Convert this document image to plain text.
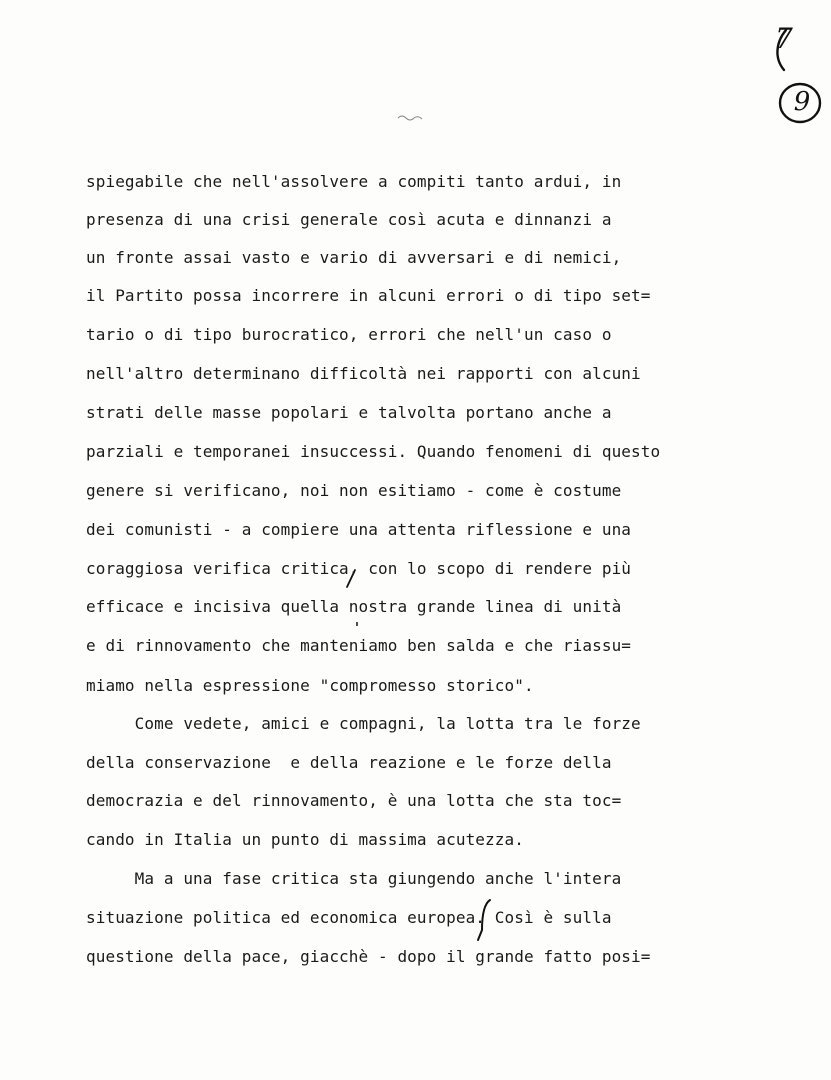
7
9
spiegabile che nell'assolvere a compiti tanto ardui, in
presenza di una crisi generale così acuta e dinnanzi a
un fronte assai vasto e vario di avversari e di nemici,
il Partito possa incorrere in alcuni errori o di tipo set=
tario o di tipo burocratico, errori che nell'un caso o
nell'altro determinano difficoltà nei rapporti con alcuni
strati delle masse popolari e talvolta portano anche a
parziali e temporanei insuccessi. Quando fenomeni di questo
genere si verificano, noi non esitiamo - come è costume
dei comunisti - a compiere una attenta riflessione e una
coraggiosa verifica critica, con lo scopo di rendere più
efficace e incisiva quella nostra grande linea di unità
e di rinnovamento che manteniamo ben salda e che riassu=
miamo nella espressione "compromesso storico".
Come vedete, amici e compagni, la lotta tra le forze
della conservazione  e della reazione e le forze della
democrazia e del rinnovamento, è una lotta che sta toc=
cando in Italia un punto di massima acutezza.
Ma a una fase critica sta giungendo anche l'intera
situazione politica ed economica europea. Così è sulla
questione della pace, giacchè - dopo il grande fatto posi=
